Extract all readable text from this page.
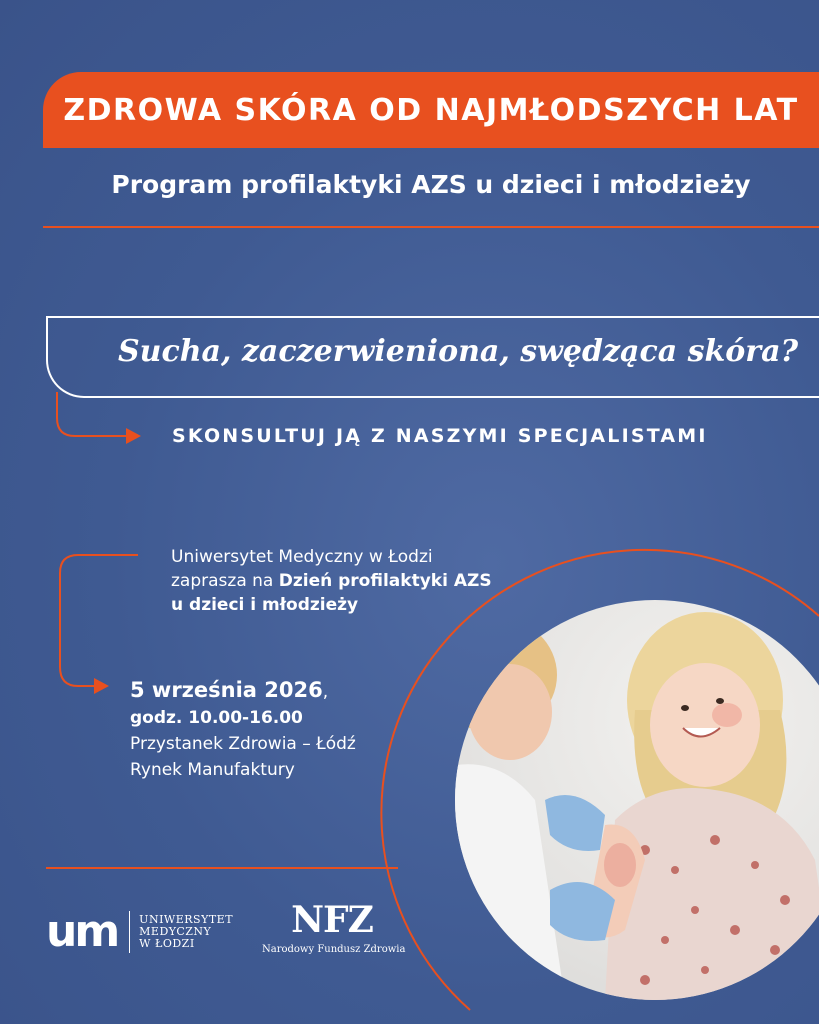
ZDROWA SKÓRA OD NAJMŁODSZYCH LAT
Program profilaktyki AZS u dzieci i młodzieży
Sucha, zaczerwieniona, swędząca skóra?
SKONSULTUJ JĄ Z NASZYMI SPECJALISTAMI
Uniwersytet Medyczny w Łodzi
zaprasza na Dzień profilaktyki AZS
u dzieci i młodzieży
5 września 2026,
godz. 10.00-16.00
Przystanek Zdrowia – Łódź
Rynek Manufaktury
um UNIWERSYTET
MEDYCZNY
W ŁODZI
NFZ
Narodowy Fundusz Zdrowia
